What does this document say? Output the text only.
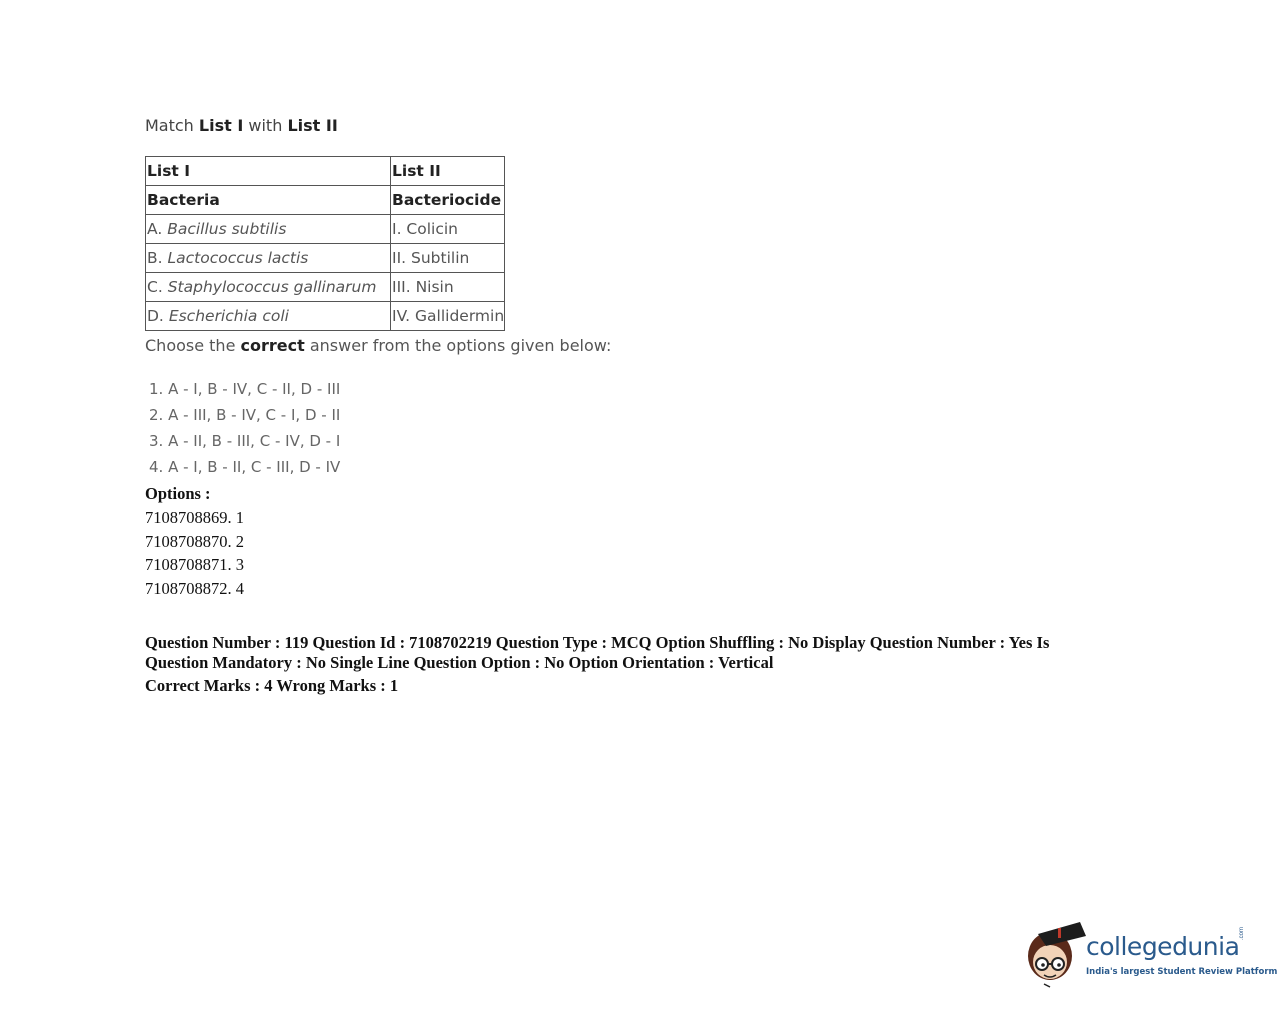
Match List I with List II
List I	List II
Bacteria	Bacteriocide
A. Bacillus subtilis	I. Colicin
B. Lactococcus lactis	II. Subtilin
C. Staphylococcus gallinarum	III. Nisin
D. Escherichia coli	IV. Gallidermin
Choose the correct answer from the options given below:
1. A - I, B - IV, C - II, D - III
2. A - III, B - IV, C - I, D - II
3. A - II, B - III, C - IV, D - I
4. A - I, B - II, C - III, D - IV
Options :
7108708869. 1
7108708870. 2
7108708871. 3
7108708872. 4
Question Number : 119 Question Id : 7108702219 Question Type : MCQ Option Shuffling : No Display Question Number : Yes Is
Question Mandatory : No Single Line Question Option : No Option Orientation : Vertical
Correct Marks : 4 Wrong Marks : 1
collegedunia .com
India's largest Student Review Platform
